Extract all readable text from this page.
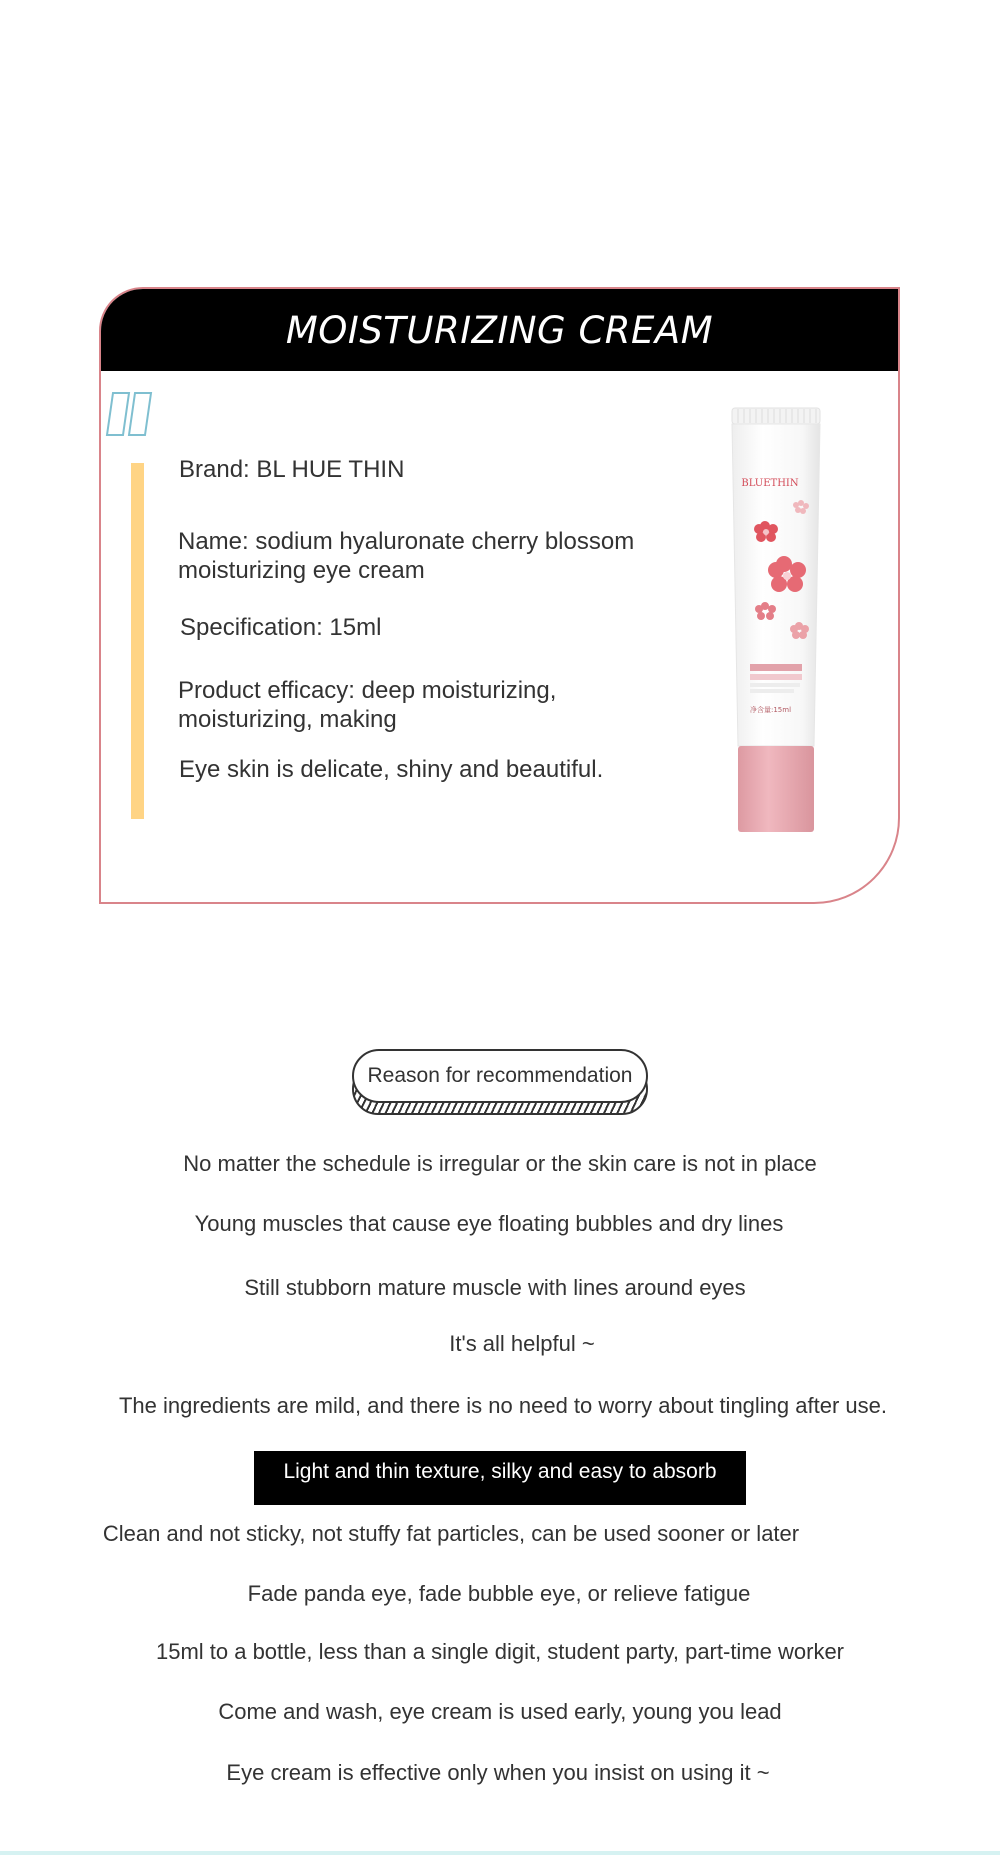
MOISTURIZING CREAM

Brand: BL HUE THIN

Name: sodium hyaluronate cherry blossom moisturizing eye cream

Specification: 15ml

Product efficacy: deep moisturizing, moisturizing, making

Eye skin is delicate, shiny and beautiful.

BLUETHIN
净含量:15ml
Reason for recommendation

No matter the schedule is irregular or the skin care is not in place

Young muscles that cause eye floating bubbles and dry lines

Still stubborn mature muscle with lines around eyes

It's all helpful ~

The ingredients are mild, and there is no need to worry about tingling after use.

Light and thin texture, silky and easy to absorb

Clean and not sticky, not stuffy fat particles, can be used sooner or later

Fade panda eye, fade bubble eye, or relieve fatigue

15ml to a bottle, less than a single digit, student party, part-time worker

Come and wash, eye cream is used early, young you lead

Eye cream is effective only when you insist on using it ~
